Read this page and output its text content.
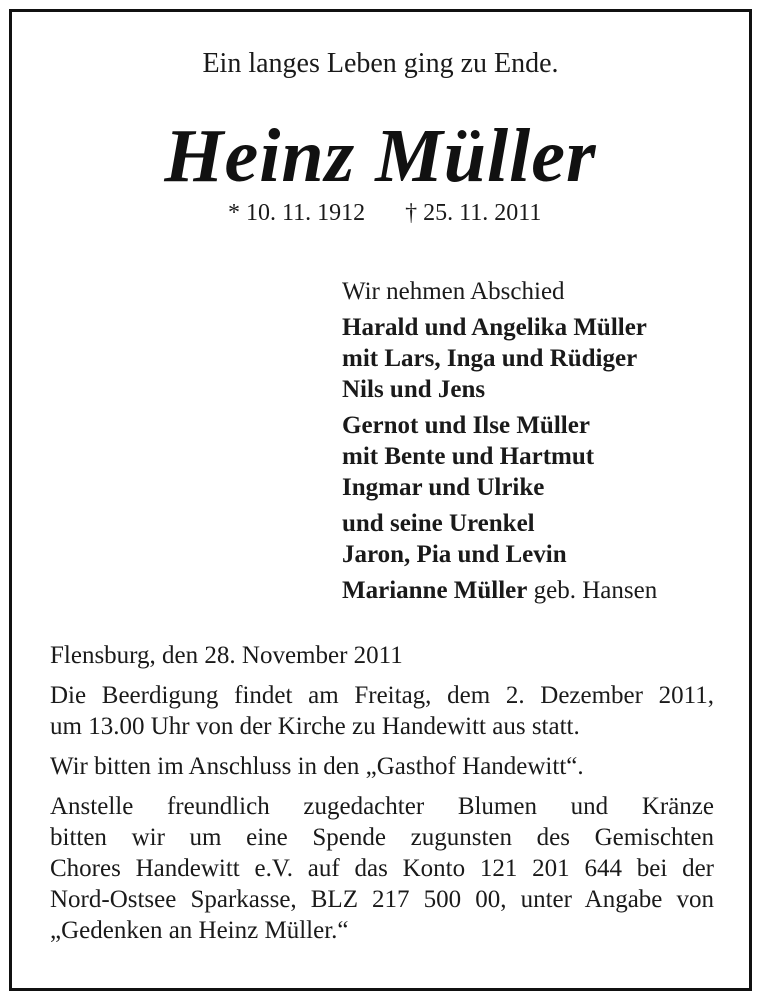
Ein langes Leben ging zu Ende.
Heinz Müller
* 10. 11. 1912 † 25. 11. 2011
Wir nehmen Abschied
Harald und Angelika Müller
mit Lars, Inga und Rüdiger
Nils und Jens
Gernot und Ilse Müller
mit Bente und Hartmut
Ingmar und Ulrike
und seine Urenkel
Jaron, Pia und Levin
Marianne Müller geb. Hansen

Flensburg, den 28. November 2011

Die Beerdigung findet am Freitag, dem 2. Dezember 2011,
um 13.00 Uhr von der Kirche zu Handewitt aus statt.

Wir bitten im Anschluss in den „Gasthof Handewitt“.

Anstelle freundlich zugedachter Blumen und Kränze
bitten wir um eine Spende zugunsten des Gemischten
Chores Handewitt e.V. auf das Konto 121 201 644 bei der
Nord-Ostsee Sparkasse, BLZ 217 500 00, unter Angabe von
„Gedenken an Heinz Müller.“
